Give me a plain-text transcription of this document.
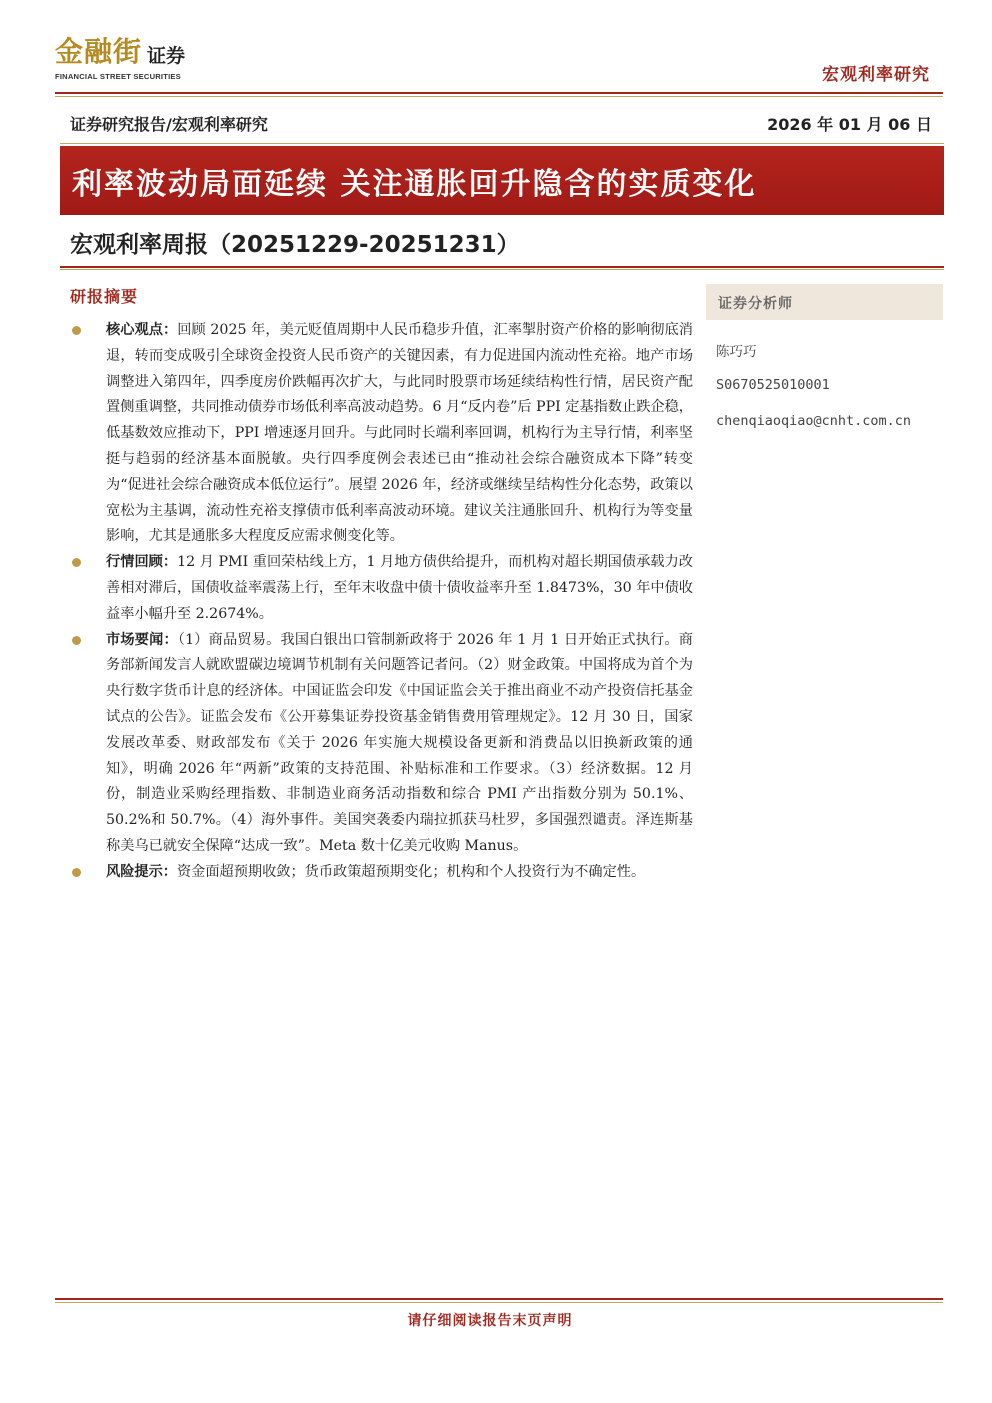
金融街 证券
FINANCIAL STREET SECURITIES	宏观利率研究
证券研究报告/宏观利率研究	2026 年 01 月 06 日
利率波动局面延续 关注通胀回升隐含的实质变化
宏观利率周报（20251229-20251231）
研报摘要

核心观点：回顾 2025 年，美元贬值周期中人民币稳步升值，汇率掣肘资产价格的影响彻底消退，转而变成吸引全球资金投资人民币资产的关键因素，有力促进国内流动性充裕。地产市场调整进入第四年，四季度房价跌幅再次扩大，与此同时股票市场延续结构性行情，居民资产配置侧重调整，共同推动债券市场低利率高波动趋势。6 月“反内卷”后 PPI 定基指数止跌企稳，低基数效应推动下，PPI 增速逐月回升。与此同时长端利率回调，机构行为主导行情，利率坚挺与趋弱的经济基本面脱敏。央行四季度例会表述已由“推动社会综合融资成本下降”转变为“促进社会综合融资成本低位运行”。展望 2026 年，经济或继续呈结构性分化态势，政策以宽松为主基调，流动性充裕支撑债市低利率高波动环境。建议关注通胀回升、机构行为等变量影响，尤其是通胀多大程度反应需求侧变化等。

行情回顾：12 月 PMI 重回荣枯线上方，1 月地方债供给提升，而机构对超长期国债承载力改善相对滞后，国债收益率震荡上行，至年末收盘中债十债收益率升至 1.8473%，30 年中债收益率小幅升至 2.2674%。

市场要闻：（1）商品贸易。我国白银出口管制新政将于 2026 年 1 月 1 日开始正式执行。商务部新闻发言人就欧盟碳边境调节机制有关问题答记者问。（2）财金政策。中国将成为首个为央行数字货币计息的经济体。中国证监会印发《中国证监会关于推出商业不动产投资信托基金试点的公告》。证监会发布《公开募集证券投资基金销售费用管理规定》。12 月 30 日，国家发展改革委、财政部发布《关于 2026 年实施大规模设备更新和消费品以旧换新政策的通知》，明确 2026 年“两新”政策的支持范围、补贴标准和工作要求。（3）经济数据。12 月份，制造业采购经理指数、非制造业商务活动指数和综合 PMI 产出指数分别为 50.1%、50.2%和 50.7%。（4）海外事件。美国突袭委内瑞拉抓获马杜罗，多国强烈谴责。泽连斯基称美乌已就安全保障“达成一致”。Meta 数十亿美元收购 Manus。

风险提示：资金面超预期收敛；货币政策超预期变化；机构和个人投资行为不确定性。

证券分析师
陈巧巧
S0670525010001
chenqiaoqiao@cnht.com.cn
请仔细阅读报告末页声明
